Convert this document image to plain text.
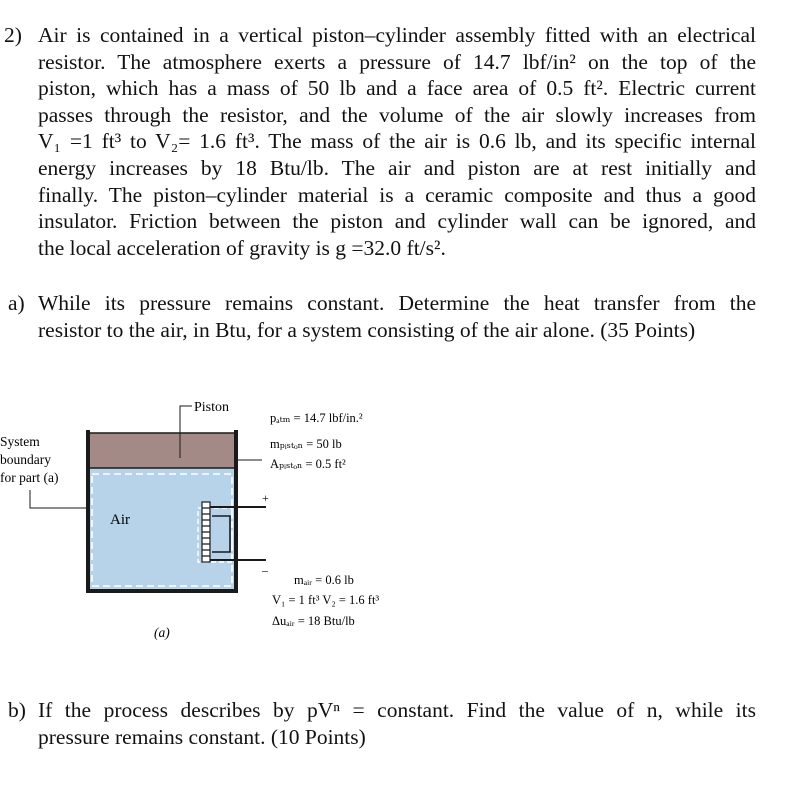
2) Air is contained in a vertical piston–cylinder assembly fitted with an electrical
resistor. The atmosphere exerts a pressure of 14.7 lbf/in² on the top of the
piston, which has a mass of 50 lb and a face area of 0.5 ft². Electric current
passes through the resistor, and the volume of the air slowly increases from
V₁ =1 ft³ to V₂= 1.6 ft³. The mass of the air is 0.6 lb, and its specific internal
energy increases by 18 Btu/lb. The air and piston are at rest initially and
finally. The piston–cylinder material is a ceramic composite and thus a good
insulator. Friction between the piston and cylinder wall can be ignored, and
the local acceleration of gravity is g =32.0 ft/s².
a) While its pressure remains constant. Determine the heat transfer from the
resistor to the air, in Btu, for a system consisting of the air alone. (35 Points)
Piston
System
boundary
for part (a)
Air
(a)
+
–
pₐₜₘ = 14.7 lbf/in.²
mₚᵢₛₜₒₙ = 50 lb
Aₚᵢₛₜₒₙ = 0.5 ft²
mₐᵢᵣ = 0.6 lb
V₁ = 1 ft³ V₂ = 1.6 ft³
Δuₐᵢᵣ = 18 Btu/lb
b) If the process describes by pVⁿ = constant. Find the value of n, while its
pressure remains constant. (10 Points)
